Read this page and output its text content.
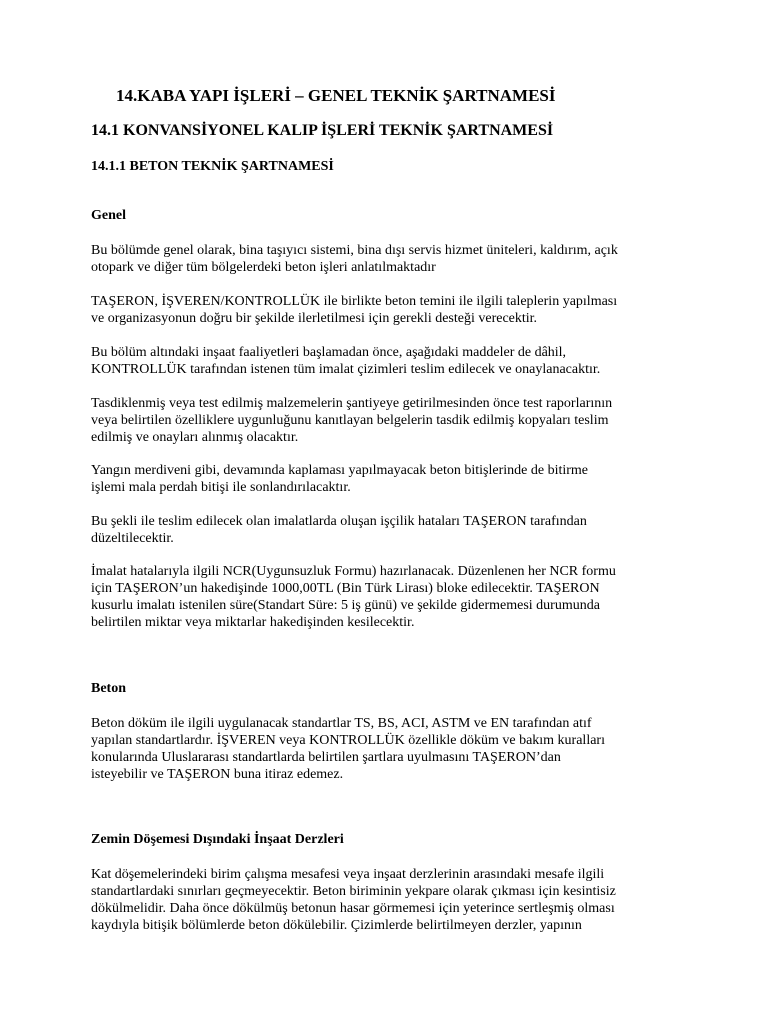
14.KABA YAPI İŞLERİ – GENEL TEKNİK ŞARTNAMESİ
14.1 KONVANSİYONEL KALIP İŞLERİ TEKNİK ŞARTNAMESİ
14.1.1 BETON TEKNİK ŞARTNAMESİ
Genel

Bu bölümde genel olarak, bina taşıyıcı sistemi, bina dışı servis hizmet üniteleri, kaldırım, açık
otopark ve diğer tüm bölgelerdeki beton işleri anlatılmaktadır

TAŞERON, İŞVEREN/KONTROLLÜK ile birlikte beton temini ile ilgili taleplerin yapılması
ve organizasyonun doğru bir şekilde ilerletilmesi için gerekli desteği verecektir.

Bu bölüm altındaki inşaat faaliyetleri başlamadan önce, aşağıdaki maddeler de dâhil,
KONTROLLÜK tarafından istenen tüm imalat çizimleri teslim edilecek ve onaylanacaktır.

Tasdiklenmiş veya test edilmiş malzemelerin şantiyeye getirilmesinden önce test raporlarının
veya belirtilen özelliklere uygunluğunu kanıtlayan belgelerin tasdik edilmiş kopyaları teslim
edilmiş ve onayları alınmış olacaktır.

Yangın merdiveni gibi, devamında kaplaması yapılmayacak beton bitişlerinde de bitirme
işlemi mala perdah bitişi ile sonlandırılacaktır.

Bu şekli ile teslim edilecek olan imalatlarda oluşan işçilik hataları TAŞERON tarafından
düzeltilecektir.

İmalat hatalarıyla ilgili NCR(Uygunsuzluk Formu) hazırlanacak. Düzenlenen her NCR formu
için TAŞERON’un hakedişinde 1000,00TL (Bin Türk Lirası) bloke edilecektir. TAŞERON
kusurlu imalatı istenilen süre(Standart Süre: 5 iş günü) ve şekilde gidermemesi durumunda
belirtilen miktar veya miktarlar hakedişinden kesilecektir.

Beton

Beton döküm ile ilgili uygulanacak standartlar TS, BS, ACI, ASTM ve EN tarafından atıf
yapılan standartlardır. İŞVEREN veya KONTROLLÜK özellikle döküm ve bakım kuralları
konularında Uluslararası standartlarda belirtilen şartlara uyulmasını TAŞERON’dan
isteyebilir ve TAŞERON buna itiraz edemez.

Zemin Döşemesi Dışındaki İnşaat Derzleri

Kat döşemelerindeki birim çalışma mesafesi veya inşaat derzlerinin arasındaki mesafe ilgili
standartlardaki sınırları geçmeyecektir. Beton biriminin yekpare olarak çıkması için kesintisiz
dökülmelidir. Daha önce dökülmüş betonun hasar görmemesi için yeterince sertleşmiş olması
kaydıyla bitişik bölümlerde beton dökülebilir. Çizimlerde belirtilmeyen derzler, yapının
